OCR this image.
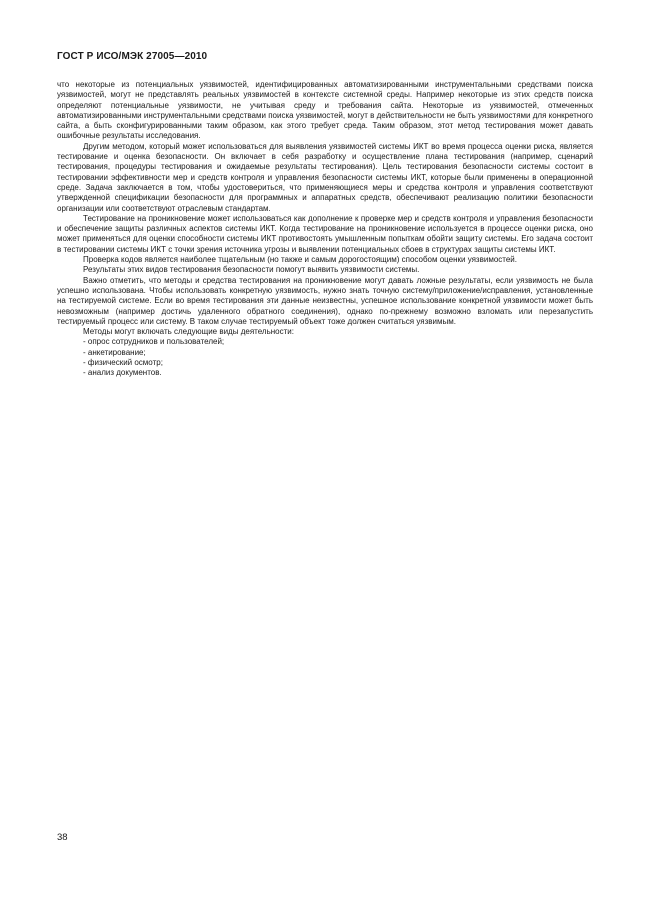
ГОСТ Р ИСО/МЭК 27005—2010

что некоторые из потенциальных уязвимостей, идентифицированных автоматизированными инструментальными средствами поиска уязвимостей, могут не представлять реальных уязвимостей в контексте системной среды. Например некоторые из этих средств поиска определяют потенциальные уязвимости, не учитывая среду и требования сайта. Некоторые из уязвимостей, отмеченных автоматизированными инструментальными средствами поиска уязвимостей, могут в действительности не быть уязвимостями для конкретного сайта, а быть сконфигурированными таким образом, как этого требует среда. Таким образом, этот метод тестирования может давать ошибочные результаты исследования.

Другим методом, который может использоваться для выявления уязвимостей системы ИКТ во время процесса оценки риска, является тестирование и оценка безопасности. Он включает в себя разработку и осуществление плана тестирования (например, сценарий тестирования, процедуры тестирования и ожидаемые результаты тестирования). Цель тестирования безопасности системы состоит в тестировании эффективности мер и средств контроля и управления безопасности системы ИКТ, которые были применены в операционной среде. Задача заключается в том, чтобы удостовериться, что применяющиеся меры и средства контроля и управления соответствуют утвержденной спецификации безопасности для программных и аппаратных средств, обеспечивают реализацию политики безопасности организации или соответствуют отраслевым стандартам.

Тестирование на проникновение может использоваться как дополнение к проверке мер и средств контроля и управления безопасности и обеспечение защиты различных аспектов системы ИКТ. Когда тестирование на проникновение используется в процессе оценки риска, оно может применяться для оценки способности системы ИКТ противостоять умышленным попыткам обойти защиту системы. Его задача состоит в тестировании системы ИКТ с точки зрения источника угрозы и выявлении потенциальных сбоев в структурах защиты системы ИКТ.

Проверка кодов является наиболее тщательным (но также и самым дорогостоящим) способом оценки уязвимостей.

Результаты этих видов тестирования безопасности помогут выявить уязвимости системы.

Важно отметить, что методы и средства тестирования на проникновение могут давать ложные результаты, если уязвимость не была успешно использована. Чтобы использовать конкретную уязвимость, нужно знать точную систему/приложение/исправления, установленные на тестируемой системе. Если во время тестирования эти данные неизвестны, успешное использование конкретной уязвимости может быть невозможным (например достичь удаленного обратного соединения), однако по-прежнему возможно взломать или перезапустить тестируемый процесс или систему. В таком случае тестируемый объект тоже должен считаться уязвимым.

Методы могут включать следующие виды деятельности:

- опрос сотрудников и пользователей;
- анкетирование;
- физический осмотр;
- анализ документов.
38
